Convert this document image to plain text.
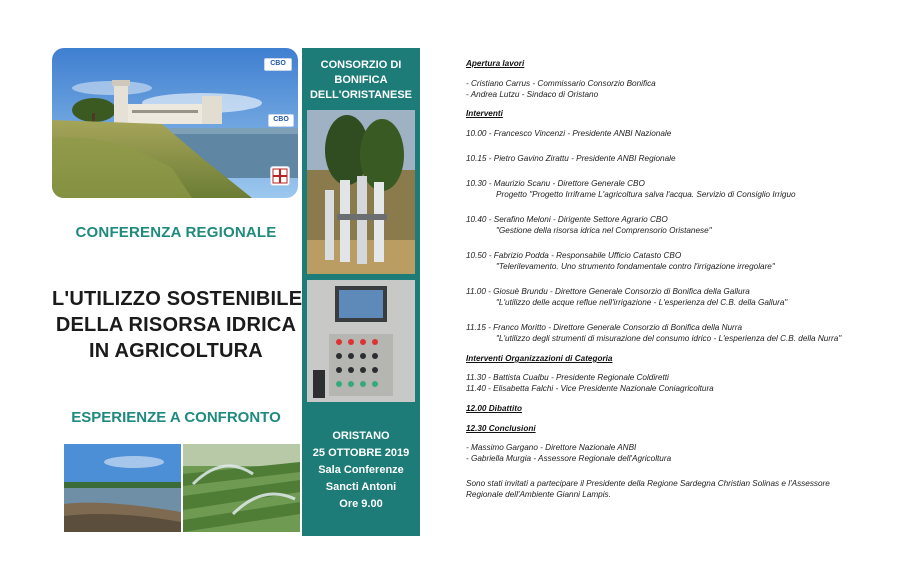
CBO
CBO
CONFERENZA REGIONALE
L'UTILIZZO SOSTENIBILE
DELLA RISORSA IDRICA
IN AGRICOLTURA
ESPERIENZE A CONFRONTO
CONSORZIO DI
BONIFICA
DELL'ORISTANESE
ORISTANO
25 OTTOBRE 2019
Sala Conferenze
Sancti Antoni
Ore 9.00
Apertura lavori
- Cristiano Carrus - Commissario Consorzio Bonifica
- Andrea Lutzu - Sindaco di Oristano
Interventi
10.00 - Francesco Vincenzi - Presidente ANBI Nazionale
10.15 - Pietro Gavino Zirattu - Presidente ANBI Regionale
10.30 - Maurizio Scanu - Direttore Generale CBO
Progetto "Progetto Irriframe L'agricoltura salva l'acqua. Servizio di Consiglio Irriguo
10.40 - Serafino Meloni - Dirigente Settore Agrario CBO
"Gestione della risorsa idrica nel Comprensorio Oristanese"
10.50 - Fabrizio Podda - Responsabile Ufficio Catasto CBO
"Telerilevamento. Uno strumento fondamentale contro l'irrigazione irregolare"
11.00 - Giosuè Brundu - Direttore Generale Consorzio di Bonifica della Gallura
"L'utilizzo delle acque reflue nell'irrigazione - L'esperienza del C.B. della Gallura"
11.15 - Franco Moritto - Direttore Generale Consorzio di Bonifica della Nurra
"L'utilizzo degli strumenti di misurazione del consumo idrico - L'esperienza del C.B. della Nurra"
Interventi Organizzazioni di Categoria
11.30 - Battista Cualbu - Presidente Regionale Coldiretti
11.40 - Elisabetta Falchi - Vice Presidente Nazionale Coniagricoltura
12.00 Dibattito
12.30 Conclusioni
- Massimo Gargano - Direttore Nazionale ANBI
- Gabriella Murgia - Assessore Regionale dell'Agricoltura
Sono stati invitati a partecipare il Presidente della Regione Sardegna Christian Solinas e l'Assessore
Regionale dell'Ambiente Gianni Lampis.
